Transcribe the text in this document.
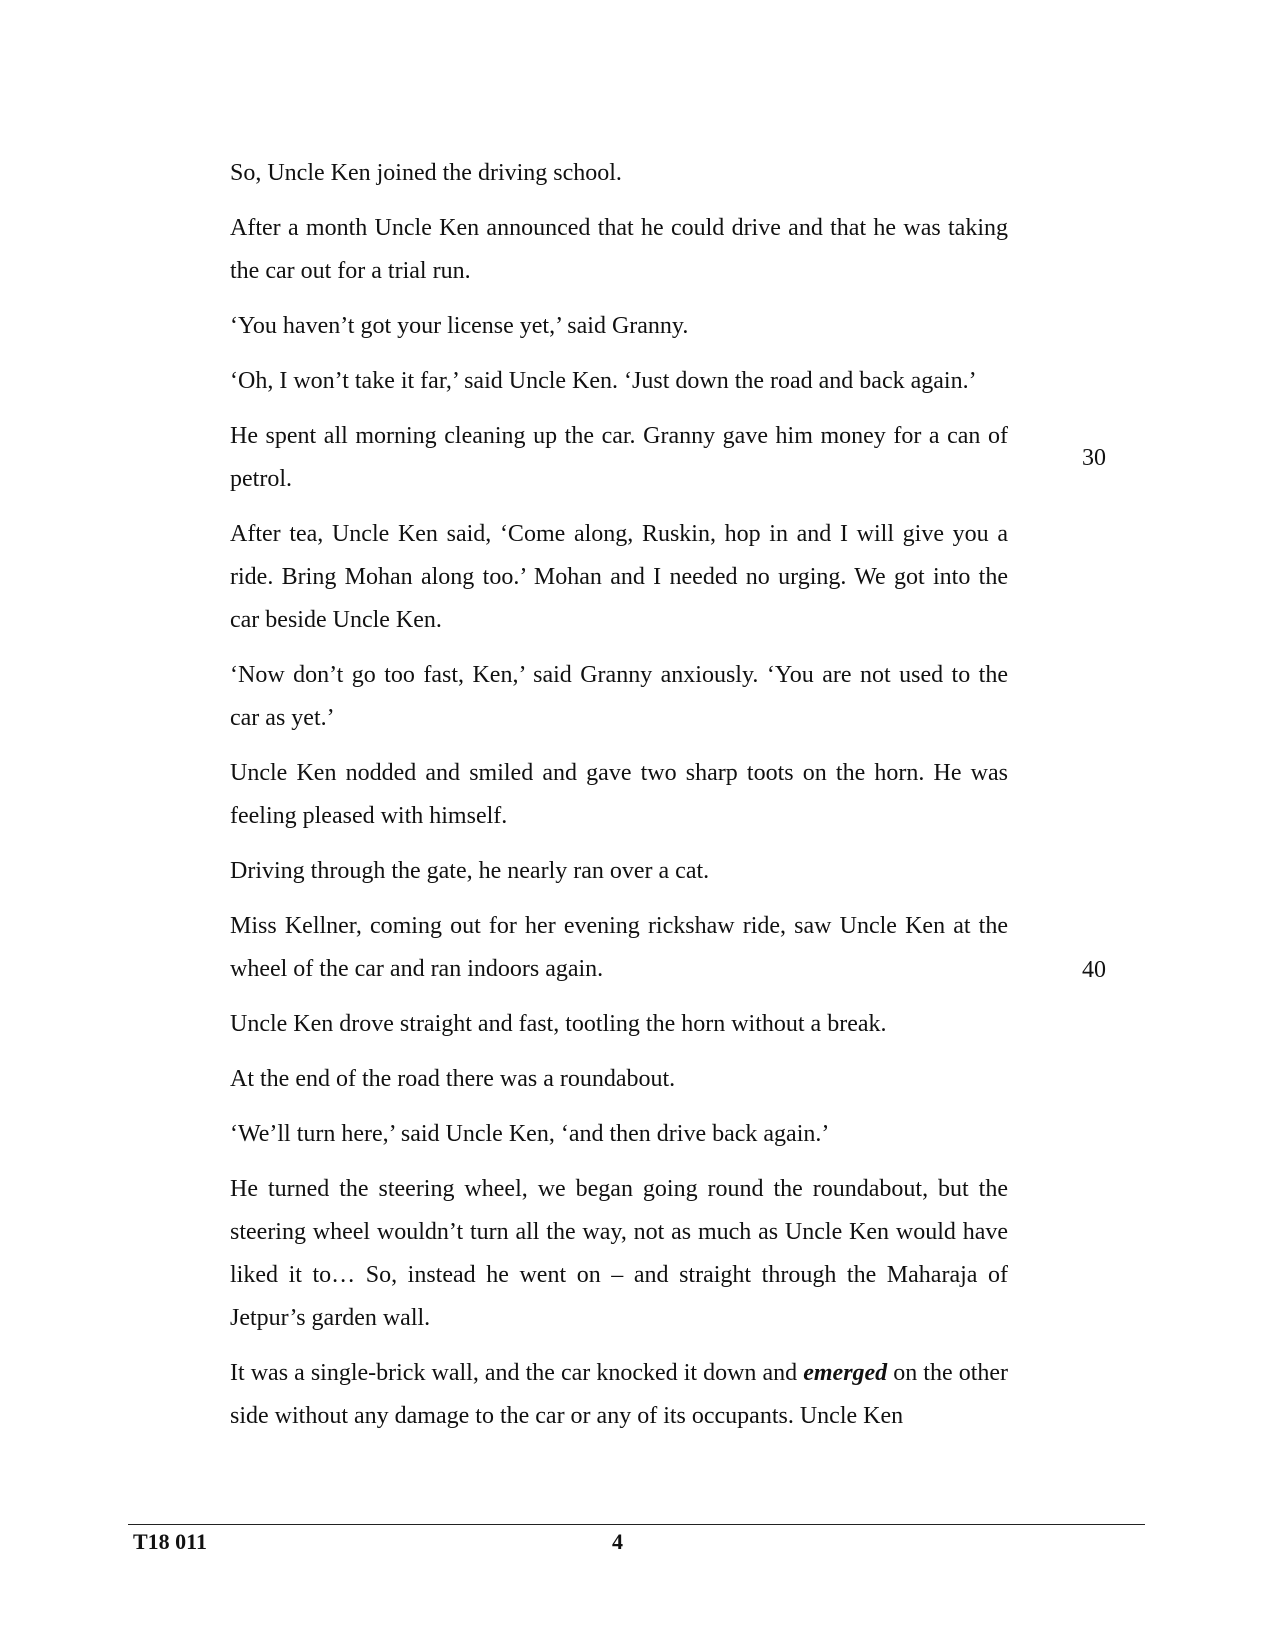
So, Uncle Ken joined the driving school.

After a month Uncle Ken announced that he could drive and that he was taking the car out for a trial run.

‘You haven’t got your license yet,’ said Granny.

‘Oh, I won’t take it far,’ said Uncle Ken. ‘Just down the road and back again.’

He spent all morning cleaning up the car. Granny gave him money for a can of petrol.

After tea, Uncle Ken said, ‘Come along, Ruskin, hop in and I will give you a ride. Bring Mohan along too.’ Mohan and I needed no urging. We got into the car beside Uncle Ken.

‘Now don’t go too fast, Ken,’ said Granny anxiously. ‘You are not used to the car as yet.’

Uncle Ken nodded and smiled and gave two sharp toots on the horn. He was feeling pleased with himself.

Driving through the gate, he nearly ran over a cat.

Miss Kellner, coming out for her evening rickshaw ride, saw Uncle Ken at the wheel of the car and ran indoors again.

Uncle Ken drove straight and fast, tootling the horn without a break.

At the end of the road there was a roundabout.

‘We’ll turn here,’ said Uncle Ken, ‘and then drive back again.’

He turned the steering wheel, we began going round the roundabout, but the steering wheel wouldn’t turn all the way, not as much as Uncle Ken would have liked it to… So, instead he went on – and straight through the Maharaja of Jetpur’s garden wall.

It was a single-brick wall, and the car knocked it down and emerged on the other side without any damage to the car or any of its occupants. Uncle Ken

30
40
T18 011	4
